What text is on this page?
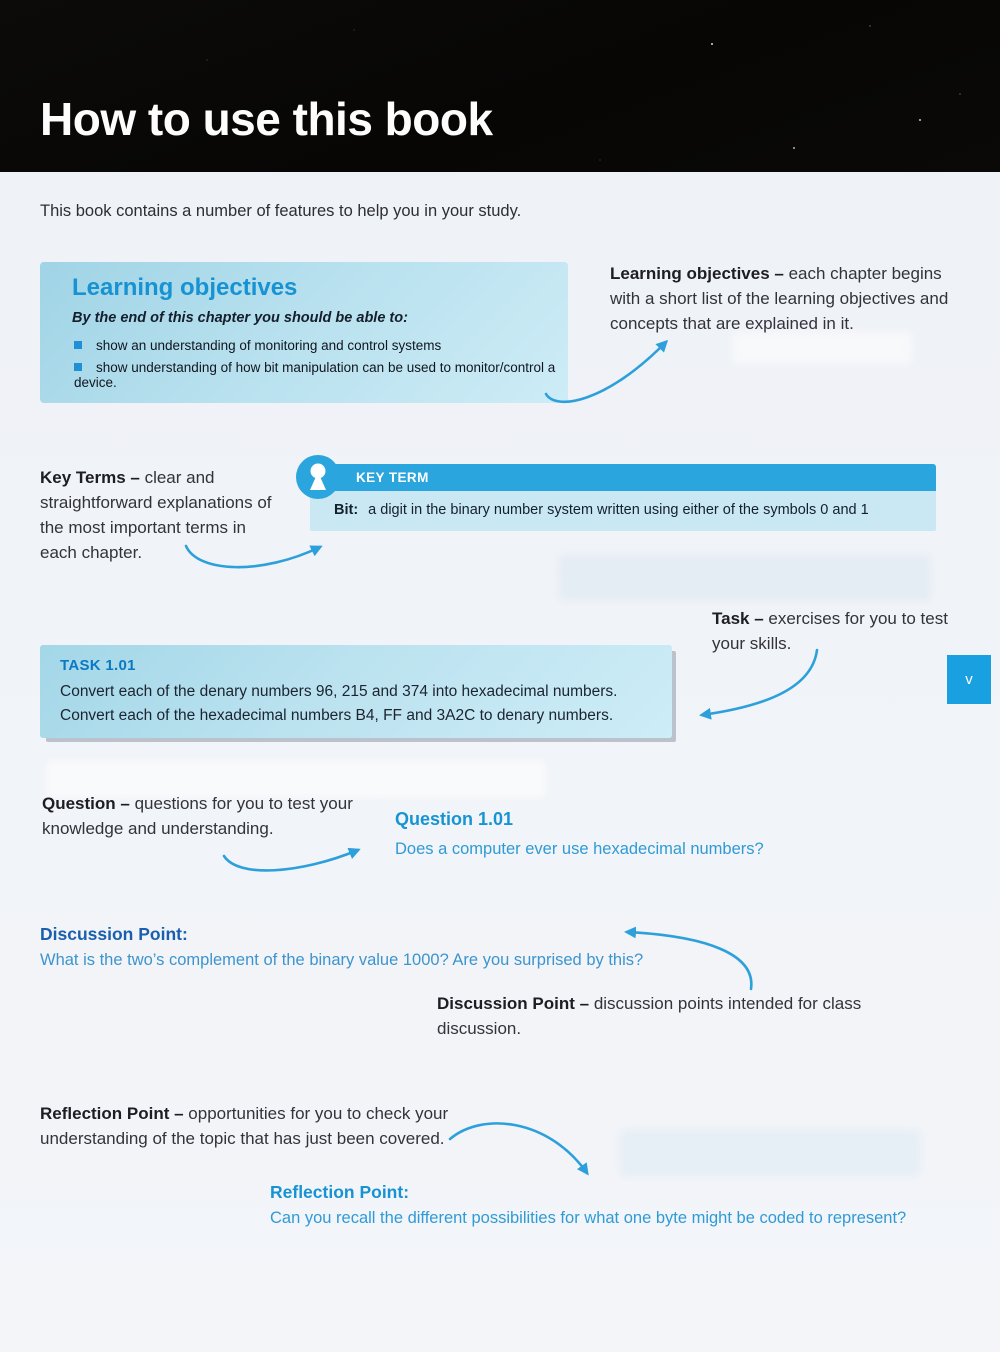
How to use this book
This book contains a number of features to help you in your study.
Learning objectives
By the end of this chapter you should be able to:
show an understanding of monitoring and control systems
show understanding of how bit manipulation can be used to monitor/control a device.
Learning objectives – each chapter begins with a short list of the learning objectives and concepts that are explained in it.
Key Terms – clear and straightforward explanations of the most important terms in each chapter.
KEY TERM
Bit: a digit in the binary number system written using either of the symbols 0 and 1
Task – exercises for you to test your skills.
TASK 1.01
Convert each of the denary numbers 96, 215 and 374 into hexadecimal numbers.
Convert each of the hexadecimal numbers B4, FF and 3A2C to denary numbers.
v
Question – questions for you to test your knowledge and understanding.	Question 1.01
Does a computer ever use hexadecimal numbers?
Discussion Point:
What is the two’s complement of the binary value 1000? Are you surprised by this?
Discussion Point – discussion points intended for class discussion.
Reflection Point – opportunities for you to check your understanding of the topic that has just been covered.
Reflection Point:
Can you recall the different possibilities for what one byte might be coded to represent?
